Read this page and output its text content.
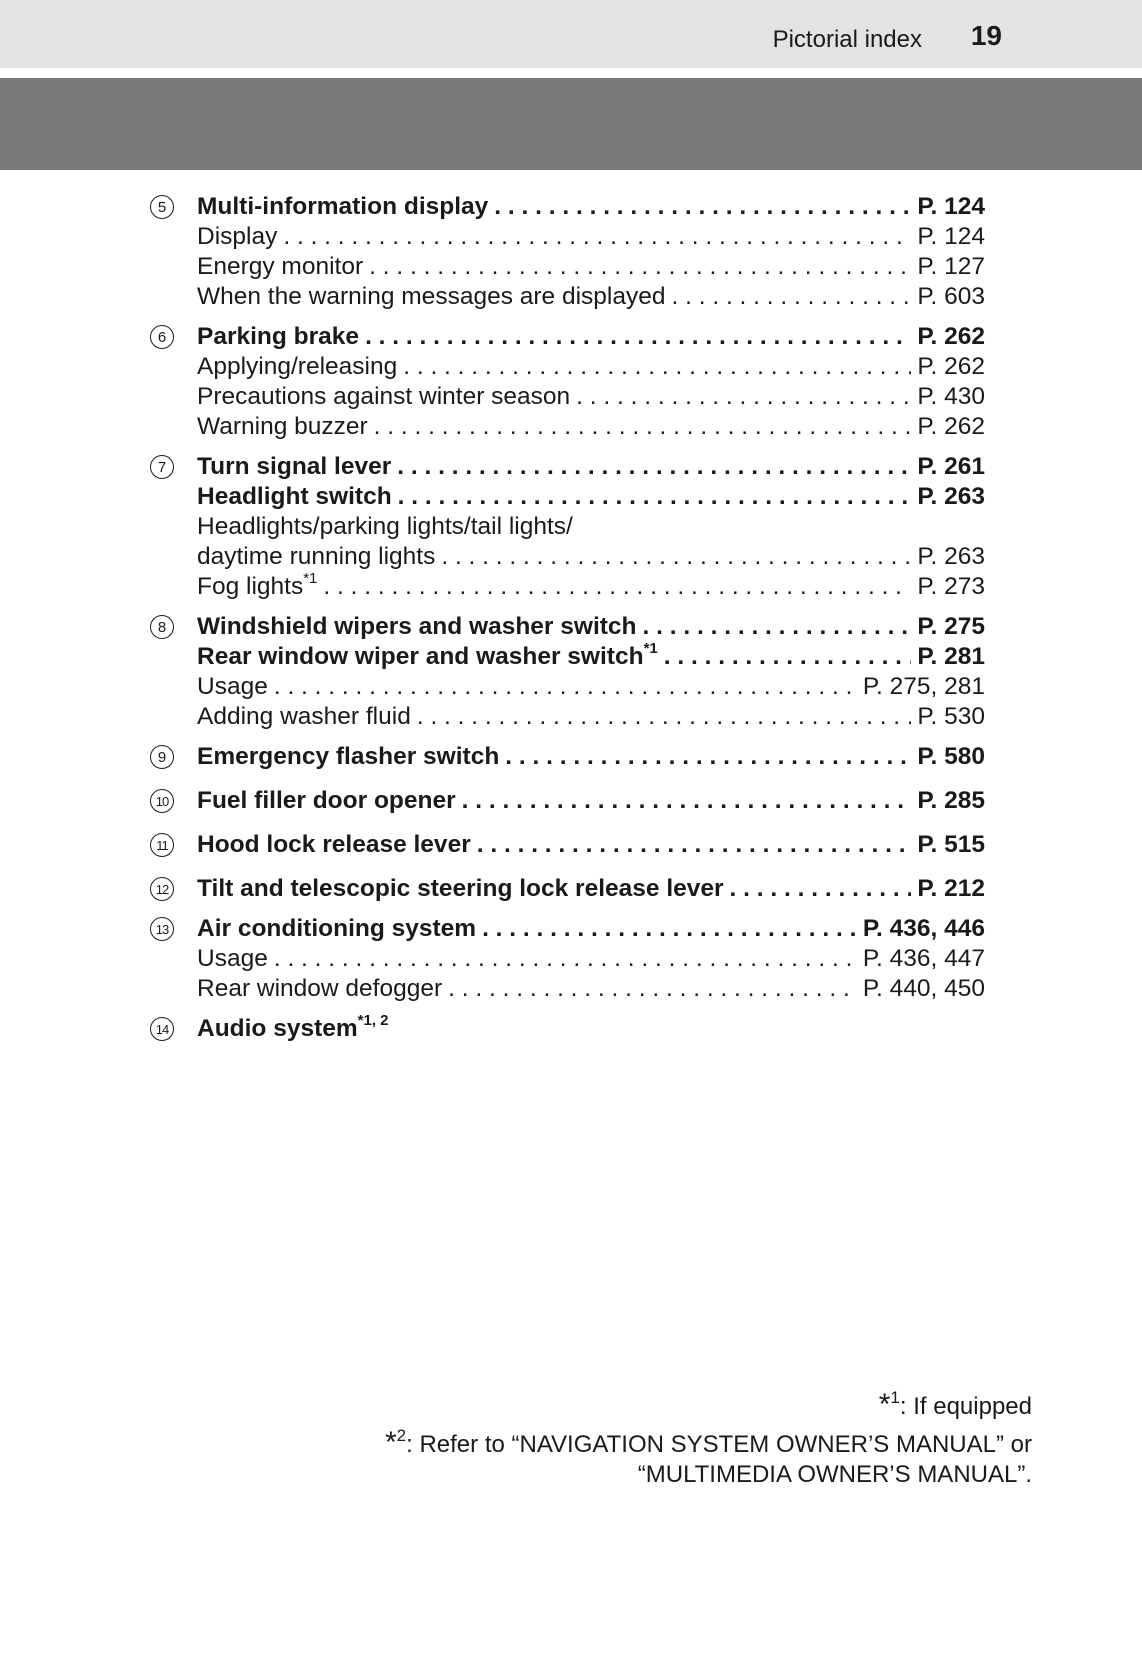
Pictorial index 19
5	Multi-information display . . .	P. 124
Display . . .	P. 124
Energy monitor . . .	P. 127
When the warning messages are displayed . . .	P. 603
6	Parking brake . . .	P. 262
Applying/releasing . . .	P. 262
Precautions against winter season . . .	P. 430
Warning buzzer . . .	P. 262
7	Turn signal lever . . .	P. 261
Headlight switch . . .	P. 263
Headlights/parking lights/tail lights/
daytime running lights . . .	P. 263
Fog lights$^{*1}$ . . .	P. 273
8	Windshield wipers and washer switch . . .	P. 275
Rear window wiper and washer switch$^{*1}$ . . .	P. 281
Usage . . .	P. 275, 281
Adding washer fluid . . .	P. 530
9	Emergency flasher switch . . .	P. 580
10	Fuel filler door opener . . .	P. 285
11	Hood lock release lever . . .	P. 515
12	Tilt and telescopic steering lock release lever . . .	P. 212
13	Air conditioning system . . .	P. 436, 446
Usage . . .	P. 436, 447
Rear window defogger . . .	P. 440, 450
14	Audio system$^{*1, 2}$
*$^1$: If equipped
*$^2$: Refer to “NAVIGATION SYSTEM OWNER’S MANUAL” or
“MULTIMEDIA OWNER’S MANUAL”.
